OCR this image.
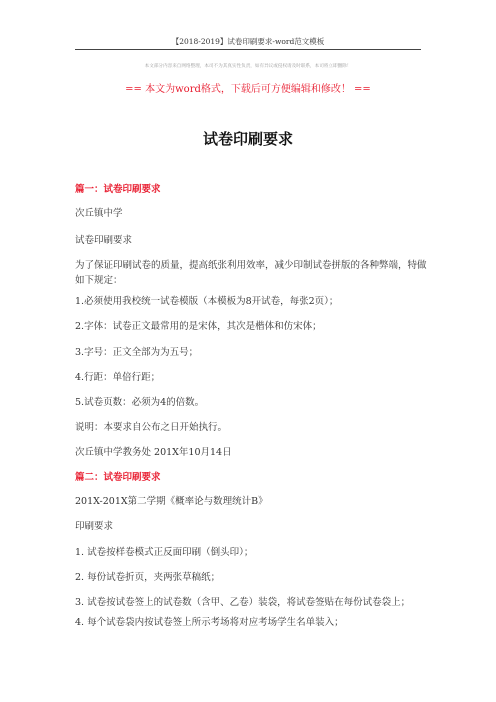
【2018-2019】试卷印刷要求-word范文模板
本文部分内容来自网络整理，本司不为其真实性负责，如有异议或侵权请及时联系，本司将立即删除！
== 本文为word格式，下载后可方便编辑和修改！ ==
试卷印刷要求
篇一：试卷印刷要求
次丘镇中学
试卷印刷要求
为了保证印刷试卷的质量，提高纸张利用效率，减少印制试卷拼版的各种弊端，特做如下规定：
1.必须使用我校统一试卷模版（本模板为8开试卷，每张2页）；
2.字体：试卷正文最常用的是宋体，其次是楷体和仿宋体；
3.字号：正文全部为为五号；
4.行距：单倍行距；
5.试卷页数：必须为4的倍数。
说明：本要求自公布之日开始执行。
次丘镇中学教务处 201X年10月14日
篇二：试卷印刷要求
201X-201X第二学期《概率论与数理统计B》
印刷要求
1. 试卷按样卷模式正反面印刷（倒头印）；
2. 每份试卷折页，夹两张草稿纸；
3. 试卷按试卷签上的试卷数（含甲、乙卷）装袋，将试卷签贴在每份试卷袋上；
4. 每个试卷袋内按试卷签上所示考场将对应考场学生名单装入；
